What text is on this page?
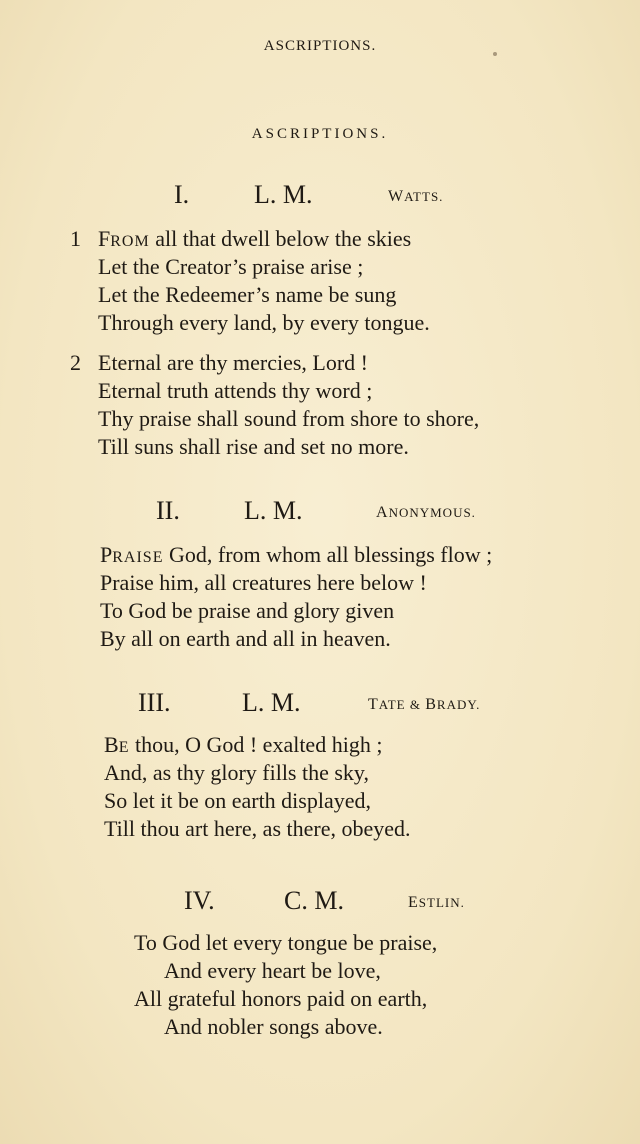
ASCRIPTIONS.
ASCRIPTIONS.
I. L. M.	WATTS.
1 FROM all that dwell below the skies
Let the Creator’s praise arise ;
Let the Redeemer’s name be sung
Through every land, by every tongue.
2 Eternal are thy mercies, Lord !
Eternal truth attends thy word ;
Thy praise shall sound from shore to shore,
Till suns shall rise and set no more.
II. L. M.	ANONYMOUS.
PRAISE God, from whom all blessings flow ;
Praise him, all creatures here below !
To God be praise and glory given
By all on earth and all in heaven.
III.	L. M.	TATE & BRADY.
BE thou, O God ! exalted high ;
And, as thy glory fills the sky,
So let it be on earth displayed,
Till thou art here, as there, obeyed.
IV.	C. M.	ESTLIN.
To God let every tongue be praise,
And every heart be love,
All grateful honors paid on earth,
And nobler songs above.
